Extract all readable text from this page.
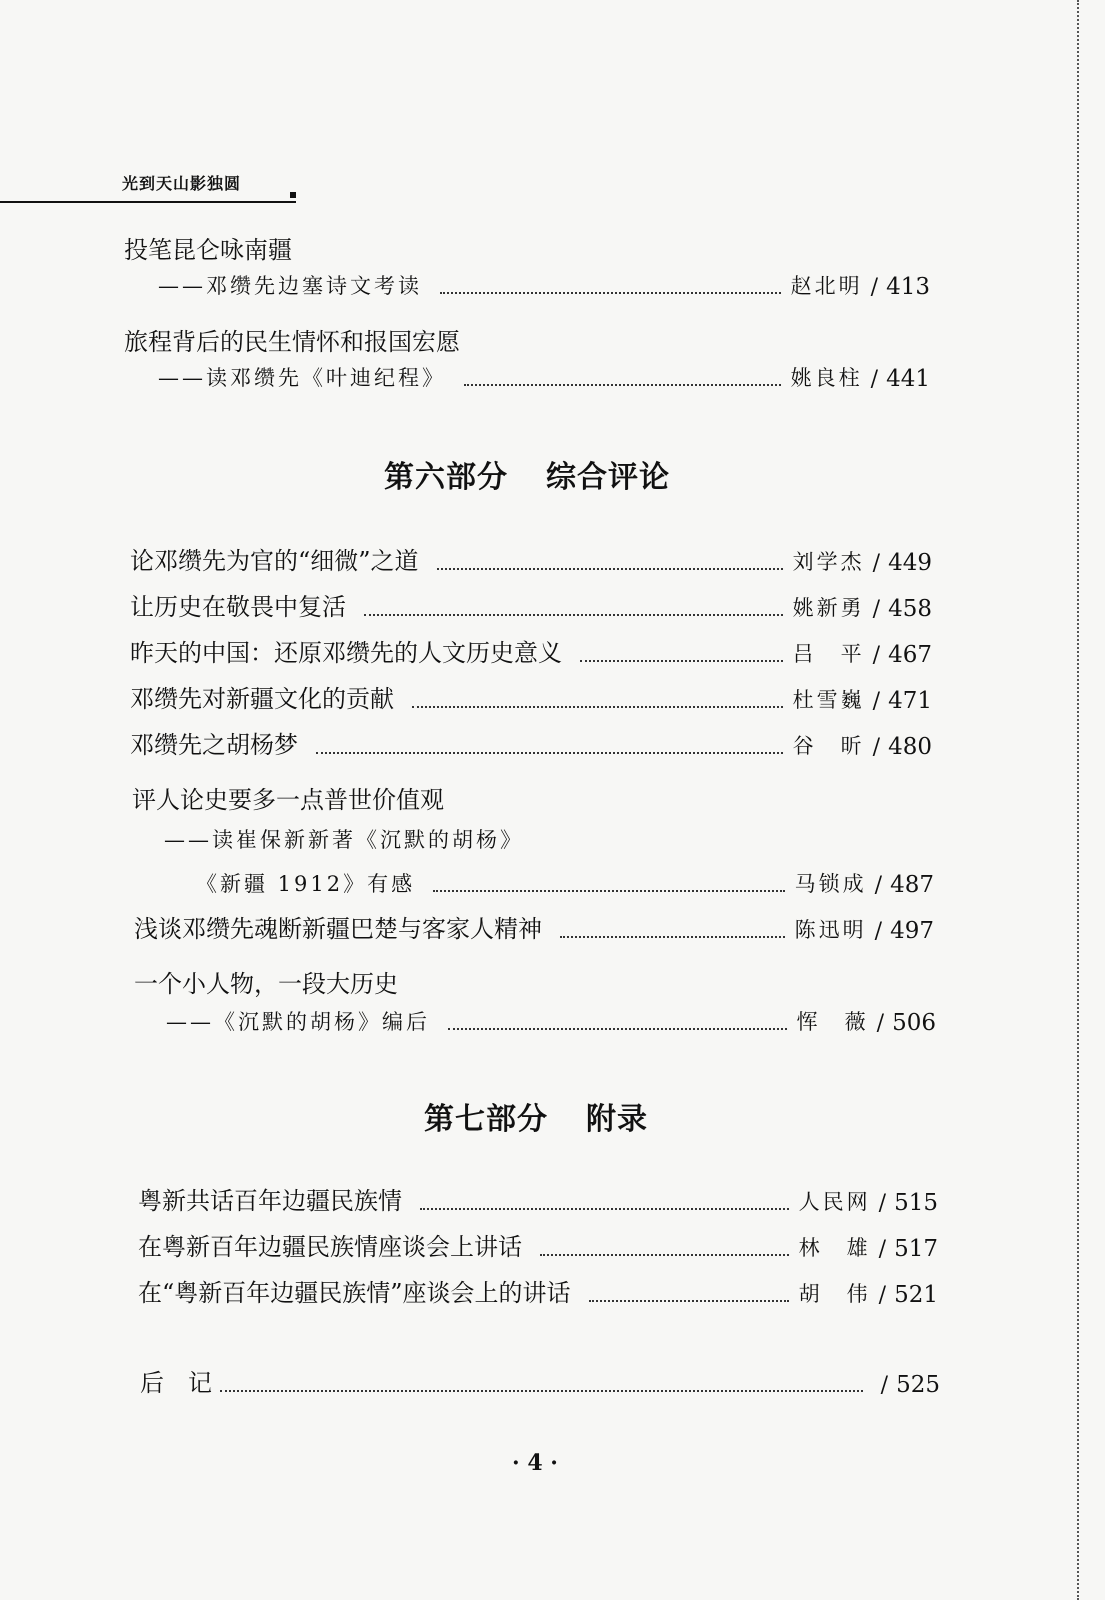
光到天山影独圆
投笔昆仑咏南疆
——邓缵先边塞诗文考读	赵北明 / 413
旅程背后的民生情怀和报国宏愿
——读邓缵先《叶迪纪程》	姚良柱 / 441
第六部分 综合评论
论邓缵先为官的“细微”之道	刘学杰 / 449
让历史在敬畏中复活	姚新勇 / 458
昨天的中国：还原邓缵先的人文历史意义	吕　平 / 467
邓缵先对新疆文化的贡献	杜雪巍 / 471
邓缵先之胡杨梦	谷　昕 / 480
评人论史要多一点普世价值观
——读崔保新新著《沉默的胡杨》
《新疆 1912》有感	马锁成 / 487
浅谈邓缵先魂断新疆巴楚与客家人精神	陈迅明 / 497
一个小人物，一段大历史
——《沉默的胡杨》编后	恽　薇 / 506
第七部分 附录
粤新共话百年边疆民族情	人民网 / 515
在粤新百年边疆民族情座谈会上讲话	林　雄 / 517
在“粤新百年边疆民族情”座谈会上的讲话	胡　伟 / 521
后　记	/ 525
· 4 ·
